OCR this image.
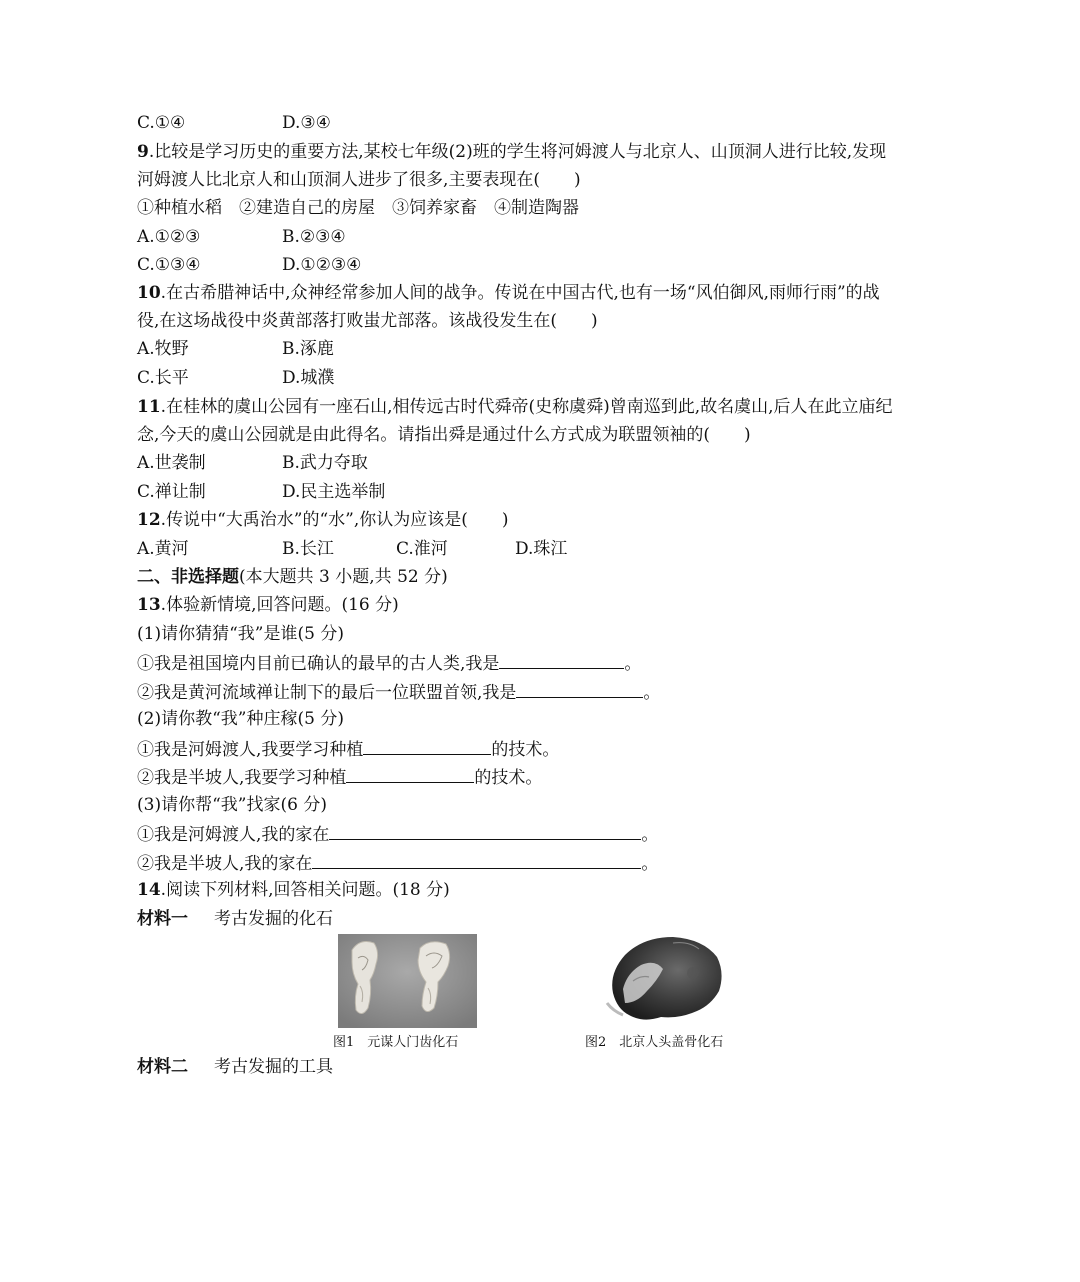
C.①④	D.③④
9.比较是学习历史的重要方法,某校七年级(2)班的学生将河姆渡人与北京人、山顶洞人进行比较,发现
河姆渡人比北京人和山顶洞人进步了很多,主要表现在(　　)
①种植水稻　②建造自己的房屋　③饲养家畜　④制造陶器
A.①②③	B.②③④
C.①③④	D.①②③④
10.在古希腊神话中,众神经常参加人间的战争。传说在中国古代,也有一场“风伯御风,雨师行雨”的战
役,在这场战役中炎黄部落打败蚩尤部落。该战役发生在(　　)
A.牧野	B.涿鹿
C.长平	D.城濮
11.在桂林的虞山公园有一座石山,相传远古时代舜帝(史称虞舜)曾南巡到此,故名虞山,后人在此立庙纪
念,今天的虞山公园就是由此得名。请指出舜是通过什么方式成为联盟领袖的(　　)
A.世袭制	B.武力夺取
C.禅让制	D.民主选举制
12.传说中“大禹治水”的“水”,你认为应该是(　　)
A.黄河	B.长江	C.淮河	D.珠江
二、非选择题(本大题共 3 小题,共 52 分)
13.体验新情境,回答问题。(16 分)
(1)请你猜猜“我”是谁(5 分)
①我是祖国境内目前已确认的最早的古人类,我是	。
②我是黄河流域禅让制下的最后一位联盟首领,我是	。
(2)请你教“我”种庄稼(5 分)
①我是河姆渡人,我要学习种植	的技术。
②我是半坡人,我要学习种植	的技术。
(3)请你帮“我”找家(6 分)
①我是河姆渡人,我的家在	。
②我是半坡人,我的家在	。
14.阅读下列材料,回答相关问题。(18 分)
材料一 考古发掘的化石
图1　元谋人门齿化石	图2　北京人头盖骨化石
材料二 考古发掘的工具
